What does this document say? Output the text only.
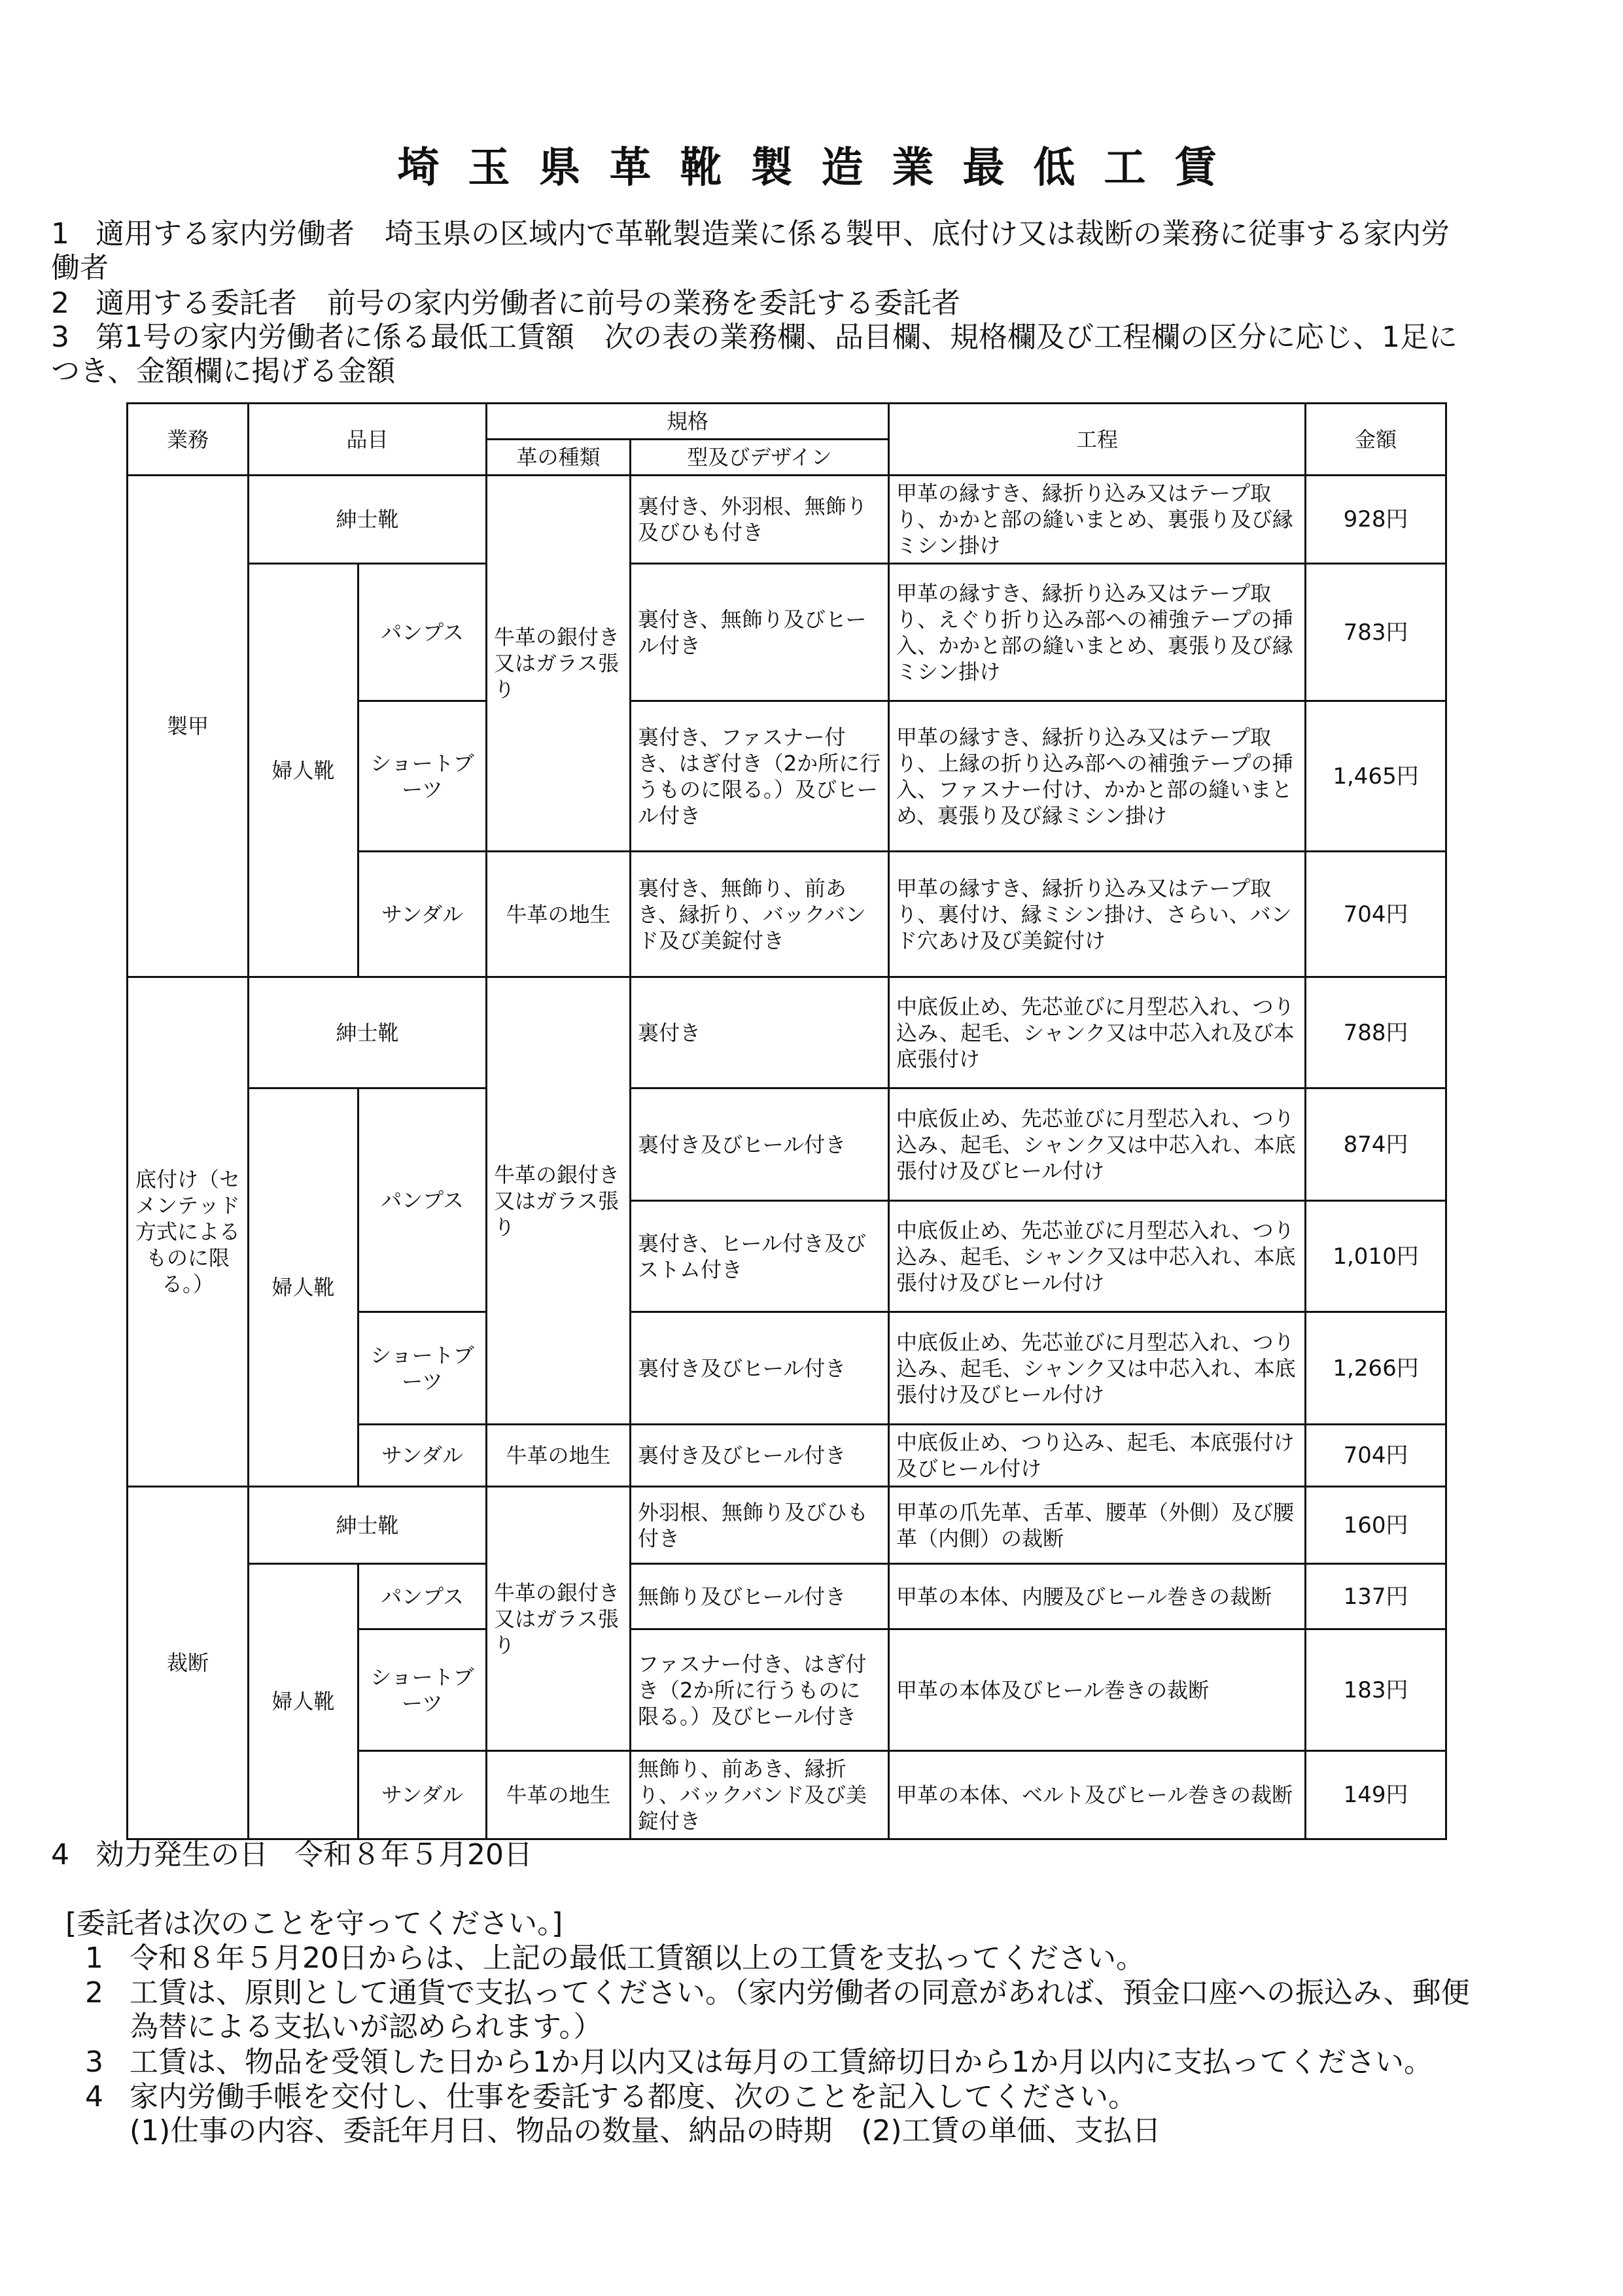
埼玉県革靴製造業最低工賃
1 適用する家内労働者 埼玉県の区域内で革靴製造業に係る製甲、底付け又は裁断の業務に従事する家内労
働者
2 適用する委託者 前号の家内労働者に前号の業務を委託する委託者
3 第1号の家内労働者に係る最低工賃額 次の表の業務欄、品目欄、規格欄及び工程欄の区分に応じ、1足に
つき、金額欄に掲げる金額
業務	品目		規格		工程	金額
			革の種類	型及びデザイン		
製甲	紳士靴		牛革の銀付き又はガラス張り	裏付き、外羽根、無飾り及びひも付き	甲革の縁すき、縁折り込み又はテープ取り、かかと部の縫いまとめ、裏張り及び縁ミシン掛け	928円
	婦人靴	パンプス		裏付き、無飾り及びヒール付き	甲革の縁すき、縁折り込み又はテープ取り、えぐり折り込み部への補強テープの挿入、かかと部の縫いまとめ、裏張り及び縁ミシン掛け	783円
		ショートブーツ		裏付き、ファスナー付き、はぎ付き（2か所に行うものに限る。）及びヒール付き	甲革の縁すき、縁折り込み又はテープ取り、上縁の折り込み部への補強テープの挿入、ファスナー付け、かかと部の縫いまとめ、裏張り及び縁ミシン掛け	1,465円
		サンダル	牛革の地生	裏付き、無飾り、前あき、縁折り、バックバンド及び美錠付き	甲革の縁すき、縁折り込み又はテープ取り、裏付け、縁ミシン掛け、さらい、バンド穴あけ及び美錠付け	704円
底付け（セメンテッド方式によるものに限る。）	紳士靴		牛革の銀付き又はガラス張り	裏付き	中底仮止め、先芯並びに月型芯入れ、つり込み、起毛、シャンク又は中芯入れ及び本底張付け	788円
	婦人靴	パンプス		裏付き及びヒール付き	中底仮止め、先芯並びに月型芯入れ、つり込み、起毛、シャンク又は中芯入れ、本底張付け及びヒール付け	874円
				裏付き、ヒール付き及びストム付き	中底仮止め、先芯並びに月型芯入れ、つり込み、起毛、シャンク又は中芯入れ、本底張付け及びヒール付け	1,010円
		ショートブーツ		裏付き及びヒール付き	中底仮止め、先芯並びに月型芯入れ、つり込み、起毛、シャンク又は中芯入れ、本底張付け及びヒール付け	1,266円
		サンダル	牛革の地生	裏付き及びヒール付き	中底仮止め、つり込み、起毛、本底張付け及びヒール付け	704円
裁断	紳士靴		牛革の銀付き又はガラス張り	外羽根、無飾り及びひも付き	甲革の爪先革、舌革、腰革（外側）及び腰革（内側）の裁断	160円
	婦人靴	パンプス		無飾り及びヒール付き	甲革の本体、内腰及びヒール巻きの裁断	137円
		ショートブーツ		ファスナー付き、はぎ付き（2か所に行うものに限る。）及びヒール付き	甲革の本体及びヒール巻きの裁断	183円
		サンダル	牛革の地生	無飾り、前あき、縁折り、バックバンド及び美錠付き	甲革の本体、ベルト及びヒール巻きの裁断	149円
4 効力発生の日 令和８年５月20日
[委託者は次のことを守ってください。]
1 令和８年５月20日からは、上記の最低工賃額以上の工賃を支払ってください。
2 工賃は、原則として通貨で支払ってください。（家内労働者の同意があれば、預金口座への振込み、郵便
為替による支払いが認められます。）
3 工賃は、物品を受領した日から1か月以内又は毎月の工賃締切日から1か月以内に支払ってください。
4 家内労働手帳を交付し、仕事を委託する都度、次のことを記入してください。
(1)仕事の内容、委託年月日、物品の数量、納品の時期　(2)工賃の単価、支払日
